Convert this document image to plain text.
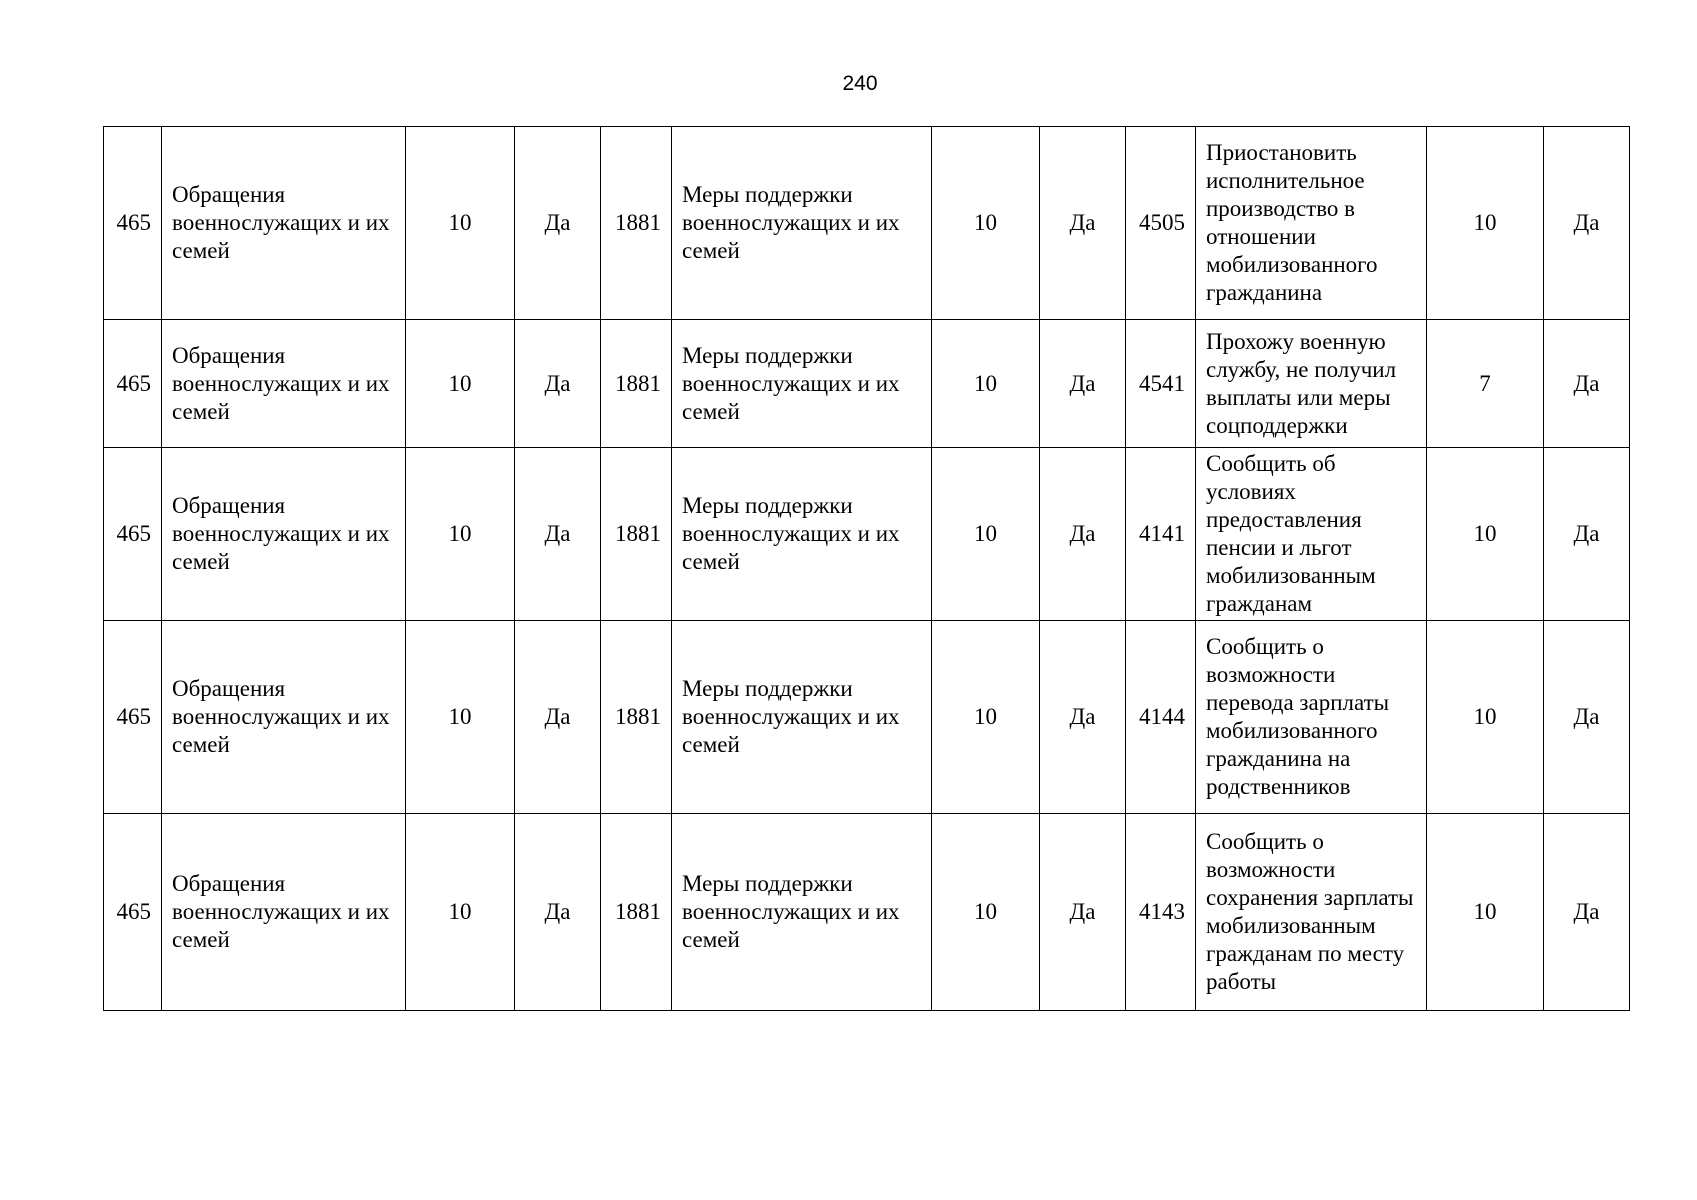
240
465	Обращения военнослужащих и их семей	10	Да	1881	Меры поддержки военнослужащих и их семей	10	Да	4505	Приостановить исполнительное производство в отношении мобилизованного гражданина	10	Да
465	Обращения военнослужащих и их семей	10	Да	1881	Меры поддержки военнослужащих и их семей	10	Да	4541	Прохожу военную службу, не получил выплаты или меры соцподдержки	7	Да
465	Обращения военнослужащих и их семей	10	Да	1881	Меры поддержки военнослужащих и их семей	10	Да	4141	Сообщить об условиях предоставления пенсии и льгот мобилизованным гражданам	10	Да
465	Обращения военнослужащих и их семей	10	Да	1881	Меры поддержки военнослужащих и их семей	10	Да	4144	Сообщить о возможности перевода зарплаты мобилизованного гражданина на родственников	10	Да
465	Обращения военнослужащих и их семей	10	Да	1881	Меры поддержки военнослужащих и их семей	10	Да	4143	Сообщить о возможности сохранения зарплаты мобилизованным гражданам по месту работы	10	Да
